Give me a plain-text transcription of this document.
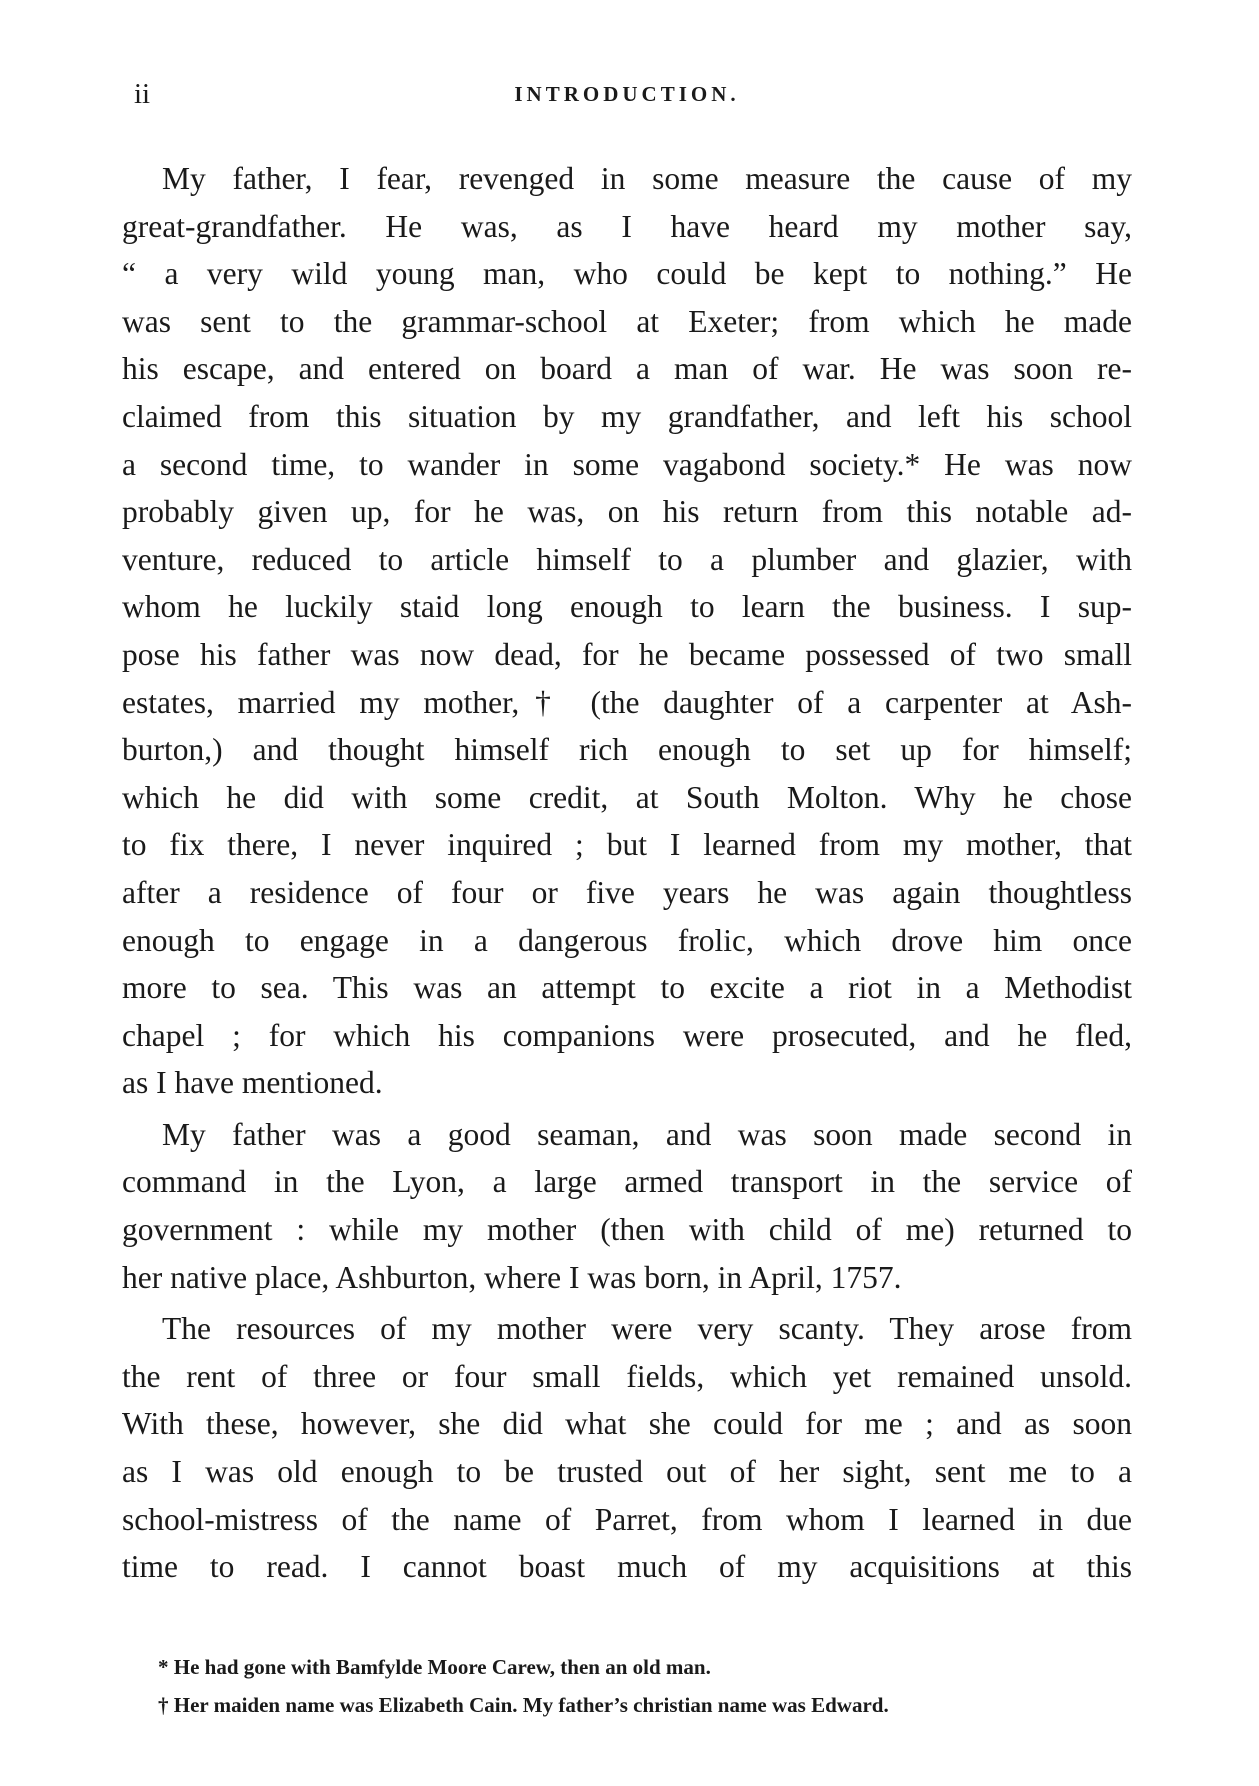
ii	INTRODUCTION.
My father, I fear, revenged in some measure the cause of my
great-grandfather. He was, as I have heard my mother say,
“ a very wild young man, who could be kept to nothing.” He
was sent to the grammar-school at Exeter; from which he made
his escape, and entered on board a man of war. He was soon re-
claimed from this situation by my grandfather, and left his school
a second time, to wander in some vagabond society.* He was now
probably given up, for he was, on his return from this notable ad-
venture, reduced to article himself to a plumber and glazier, with
whom he luckily staid long enough to learn the business. I sup-
pose his father was now dead, for he became possessed of two small
estates, married my mother,† (the daughter of a carpenter at Ash-
burton,) and thought himself rich enough to set up for himself;
which he did with some credit, at South Molton. Why he chose
to fix there, I never inquired ; but I learned from my mother, that
after a residence of four or five years he was again thoughtless
enough to engage in a dangerous frolic, which drove him once
more to sea. This was an attempt to excite a riot in a Methodist
chapel ; for which his companions were prosecuted, and he fled,
as I have mentioned.
My father was a good seaman, and was soon made second in
command in the Lyon, a large armed transport in the service of
government : while my mother (then with child of me) returned to
her native place, Ashburton, where I was born, in April, 1757.
The resources of my mother were very scanty. They arose from
the rent of three or four small fields, which yet remained unsold.
With these, however, she did what she could for me ; and as soon
as I was old enough to be trusted out of her sight, sent me to a
school-mistress of the name of Parret, from whom I learned in due
time to read. I cannot boast much of my acquisitions at this
* He had gone with Bamfylde Moore Carew, then an old man.
† Her maiden name was Elizabeth Cain. My father’s christian name was Edward.
